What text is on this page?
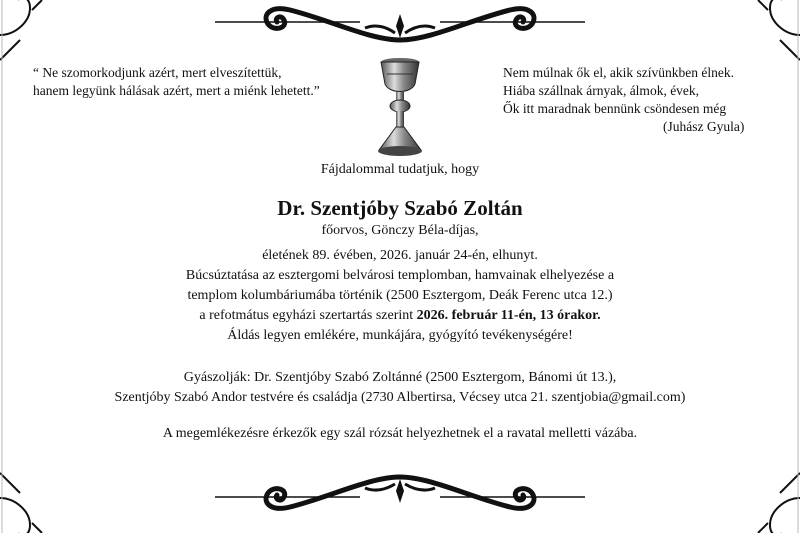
“ Ne szomorkodjunk azért, mert elveszítettük,
hanem legyünk hálásak azért, mert a miénk lehetett.”
Nem múlnak ők el, akik szívünkben élnek.
Hiába szállnak árnyak, álmok, évek,
Ők itt maradnak bennünk csöndesen még
(Juhász Gyula)
Fájdalommal tudatjuk, hogy
Dr. Szentjóby Szabó Zoltán
főorvos, Gönczy Béla-díjas,
életének 89. évében, 2026. január 24-én, elhunyt.
Búcsúztatása az esztergomi belvárosi templomban, hamvainak elhelyezése a
templom kolumbáriumába történik (2500 Esztergom, Deák Ferenc utca 12.)
a refotmátus egyházi szertartás szerint 2026. február 11-én, 13 órakor.
Áldás legyen emlékére, munkájára, gyógyító tevékenységére!
Gyászolják: Dr. Szentjóby Szabó Zoltánné (2500 Esztergom, Bánomi út 13.),
Szentjóby Szabó Andor testvére és családja (2730 Albertirsa, Vécsey utca 21. szentjobia@gmail.com)
A megemlékezésre érkezők egy szál rózsát helyezhetnek el a ravatal melletti vázába.
